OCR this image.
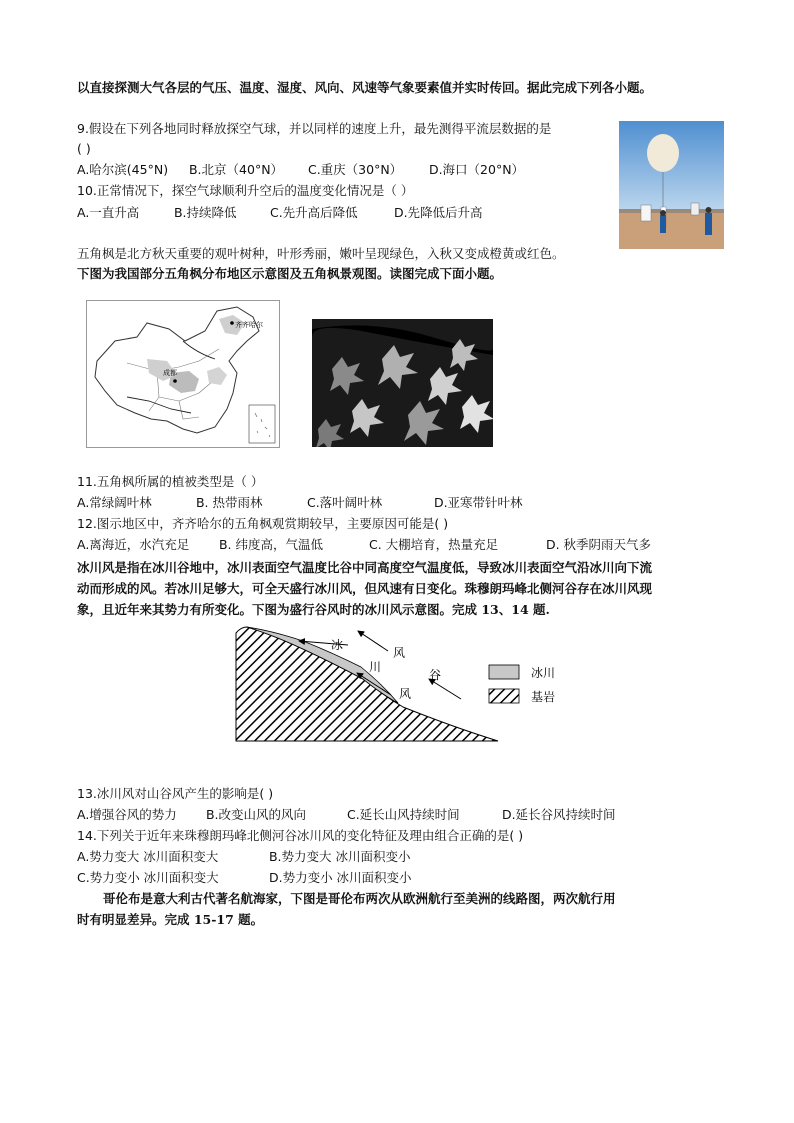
以直接探测大气各层的气压、温度、湿度、风向、风速等气象要素值并实时传回。据此完成下列各小题。
9.假设在下列各地同时释放探空气球，并以同样的速度上升，最先测得平流层数据的是
( )
A.哈尔滨(45°N) B.北京（40°N） C.重庆（30°N） D.海口（20°N）
10.正常情况下，探空气球顺利升空后的温度变化情况是（ ）
A.一直升高	B.持续降低	C.先升高后降低	D.先降低后升高
五角枫是北方秋天重要的观叶树种，叶形秀丽，嫩叶呈现绿色，入秋又变成橙黄或红色。
下图为我国部分五角枫分布地区示意图及五角枫景观图。读图完成下面小题。
齐齐哈尔
成都
11.五角枫所属的植被类型是（ ）
A.常绿阔叶林	B. 热带雨林	C.落叶阔叶林	D.亚寒带针叶林
12.图示地区中，齐齐哈尔的五角枫观赏期较早，主要原因可能是( )
A.离海近，水汽充足 B. 纬度高，气温低	C. 大棚培育，热量充足	D. 秋季阴雨天气多
冰川风是指在冰川谷地中，冰川表面空气温度比谷中同高度空气温度低，导致冰川表面空气沿冰川向下流
动而形成的风。若冰川足够大，可全天盛行冰川风，但风速有日变化。珠穆朗玛峰北侧河谷存在冰川风现
象，且近年来其势力有所变化。下图为盛行谷风时的冰川风示意图。完成 13、14 题.
冰
川
风
风
谷	冰川
基岩
13.冰川风对山谷风产生的影响是( )
A.增强谷风的势力 B.改变山风的风向	C.延长山风持续时间	D.延长谷风持续时间
14.下列关于近年来珠穆朗玛峰北侧河谷冰川风的变化特征及理由组合正确的是( )
A.势力变大 冰川面积变大	B.势力变大 冰川面积变小
C.势力变小 冰川面积变大	D.势力变小 冰川面积变小
哥伦布是意大利古代著名航海家，下图是哥伦布两次从欧洲航行至美洲的线路图，两次航行用
时有明显差异。完成 15-17 题。
